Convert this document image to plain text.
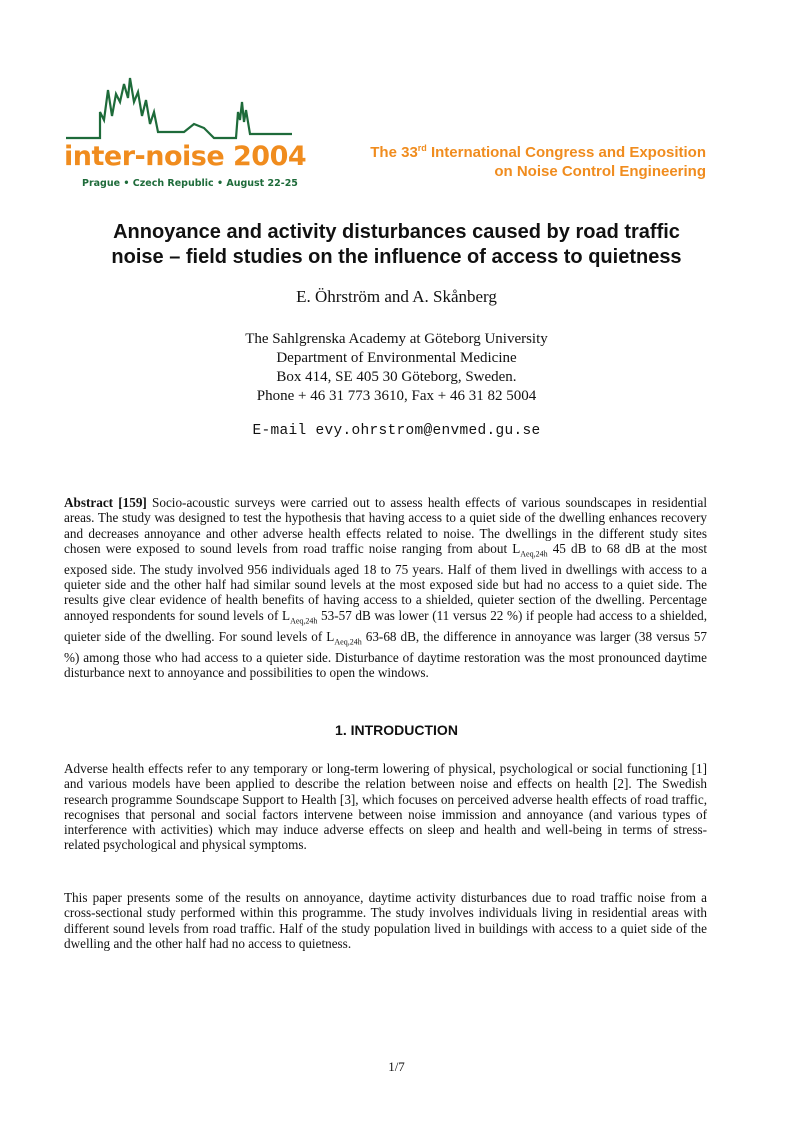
inter-noise 2004
Prague • Czech Republic • August 22-25
The 33rd International Congress and Exposition
on Noise Control Engineering
Annoyance and activity disturbances caused by road traffic
noise – field studies on the influence of access to quietness
E. Öhrström and A. Skånberg
The Sahlgrenska Academy at Göteborg University
Department of Environmental Medicine
Box 414, SE 405 30 Göteborg, Sweden.
Phone + 46 31 773 3610, Fax + 46 31 82 5004
E-mail evy.ohrstrom@envmed.gu.se
Abstract [159] Socio-acoustic surveys were carried out to assess health effects of various soundscapes in residential areas. The study was designed to test the hypothesis that having access to a quiet side of the dwelling enhances recovery and decreases annoyance and other adverse health effects related to noise. The dwellings in the different study sites chosen were exposed to sound levels from road traffic noise ranging from about $L_{Aeq,24h}$ 45 dB to 68 dB at the most exposed side. The study involved 956 individuals aged 18 to 75 years. Half of them lived in dwellings with access to a quieter side and the other half had similar sound levels at the most exposed side but had no access to a quiet side. The results give clear evidence of health benefits of having access to a shielded, quieter section of the dwelling. Percentage annoyed respondents for sound levels of $L_{Aeq,24h}$ 53-57 dB was lower (11 versus 22 %) if people had access to a shielded, quieter side of the dwelling. For sound levels of $L_{Aeq,24h}$ 63-68 dB, the difference in annoyance was larger (38 versus 57 %) among those who had access to a quieter side. Disturbance of daytime restoration was the most pronounced daytime disturbance next to annoyance and possibilities to open the windows.
1. INTRODUCTION
Adverse health effects refer to any temporary or long-term lowering of physical, psychological or social functioning [1] and various models have been applied to describe the relation between noise and effects on health [2]. The Swedish research programme Soundscape Support to Health [3], which focuses on perceived adverse health effects of road traffic, recognises that personal and social factors intervene between noise immission and annoyance (and various types of interference with activities) which may induce adverse effects on sleep and health and well-being in terms of stress-related psychological and physical symptoms.
This paper presents some of the results on annoyance, daytime activity disturbances due to road traffic noise from a cross-sectional study performed within this programme. The study involves individuals living in residential areas with different sound levels from road traffic. Half of the study population lived in buildings with access to a quiet side of the dwelling and the other half had no access to quietness.
1/7
